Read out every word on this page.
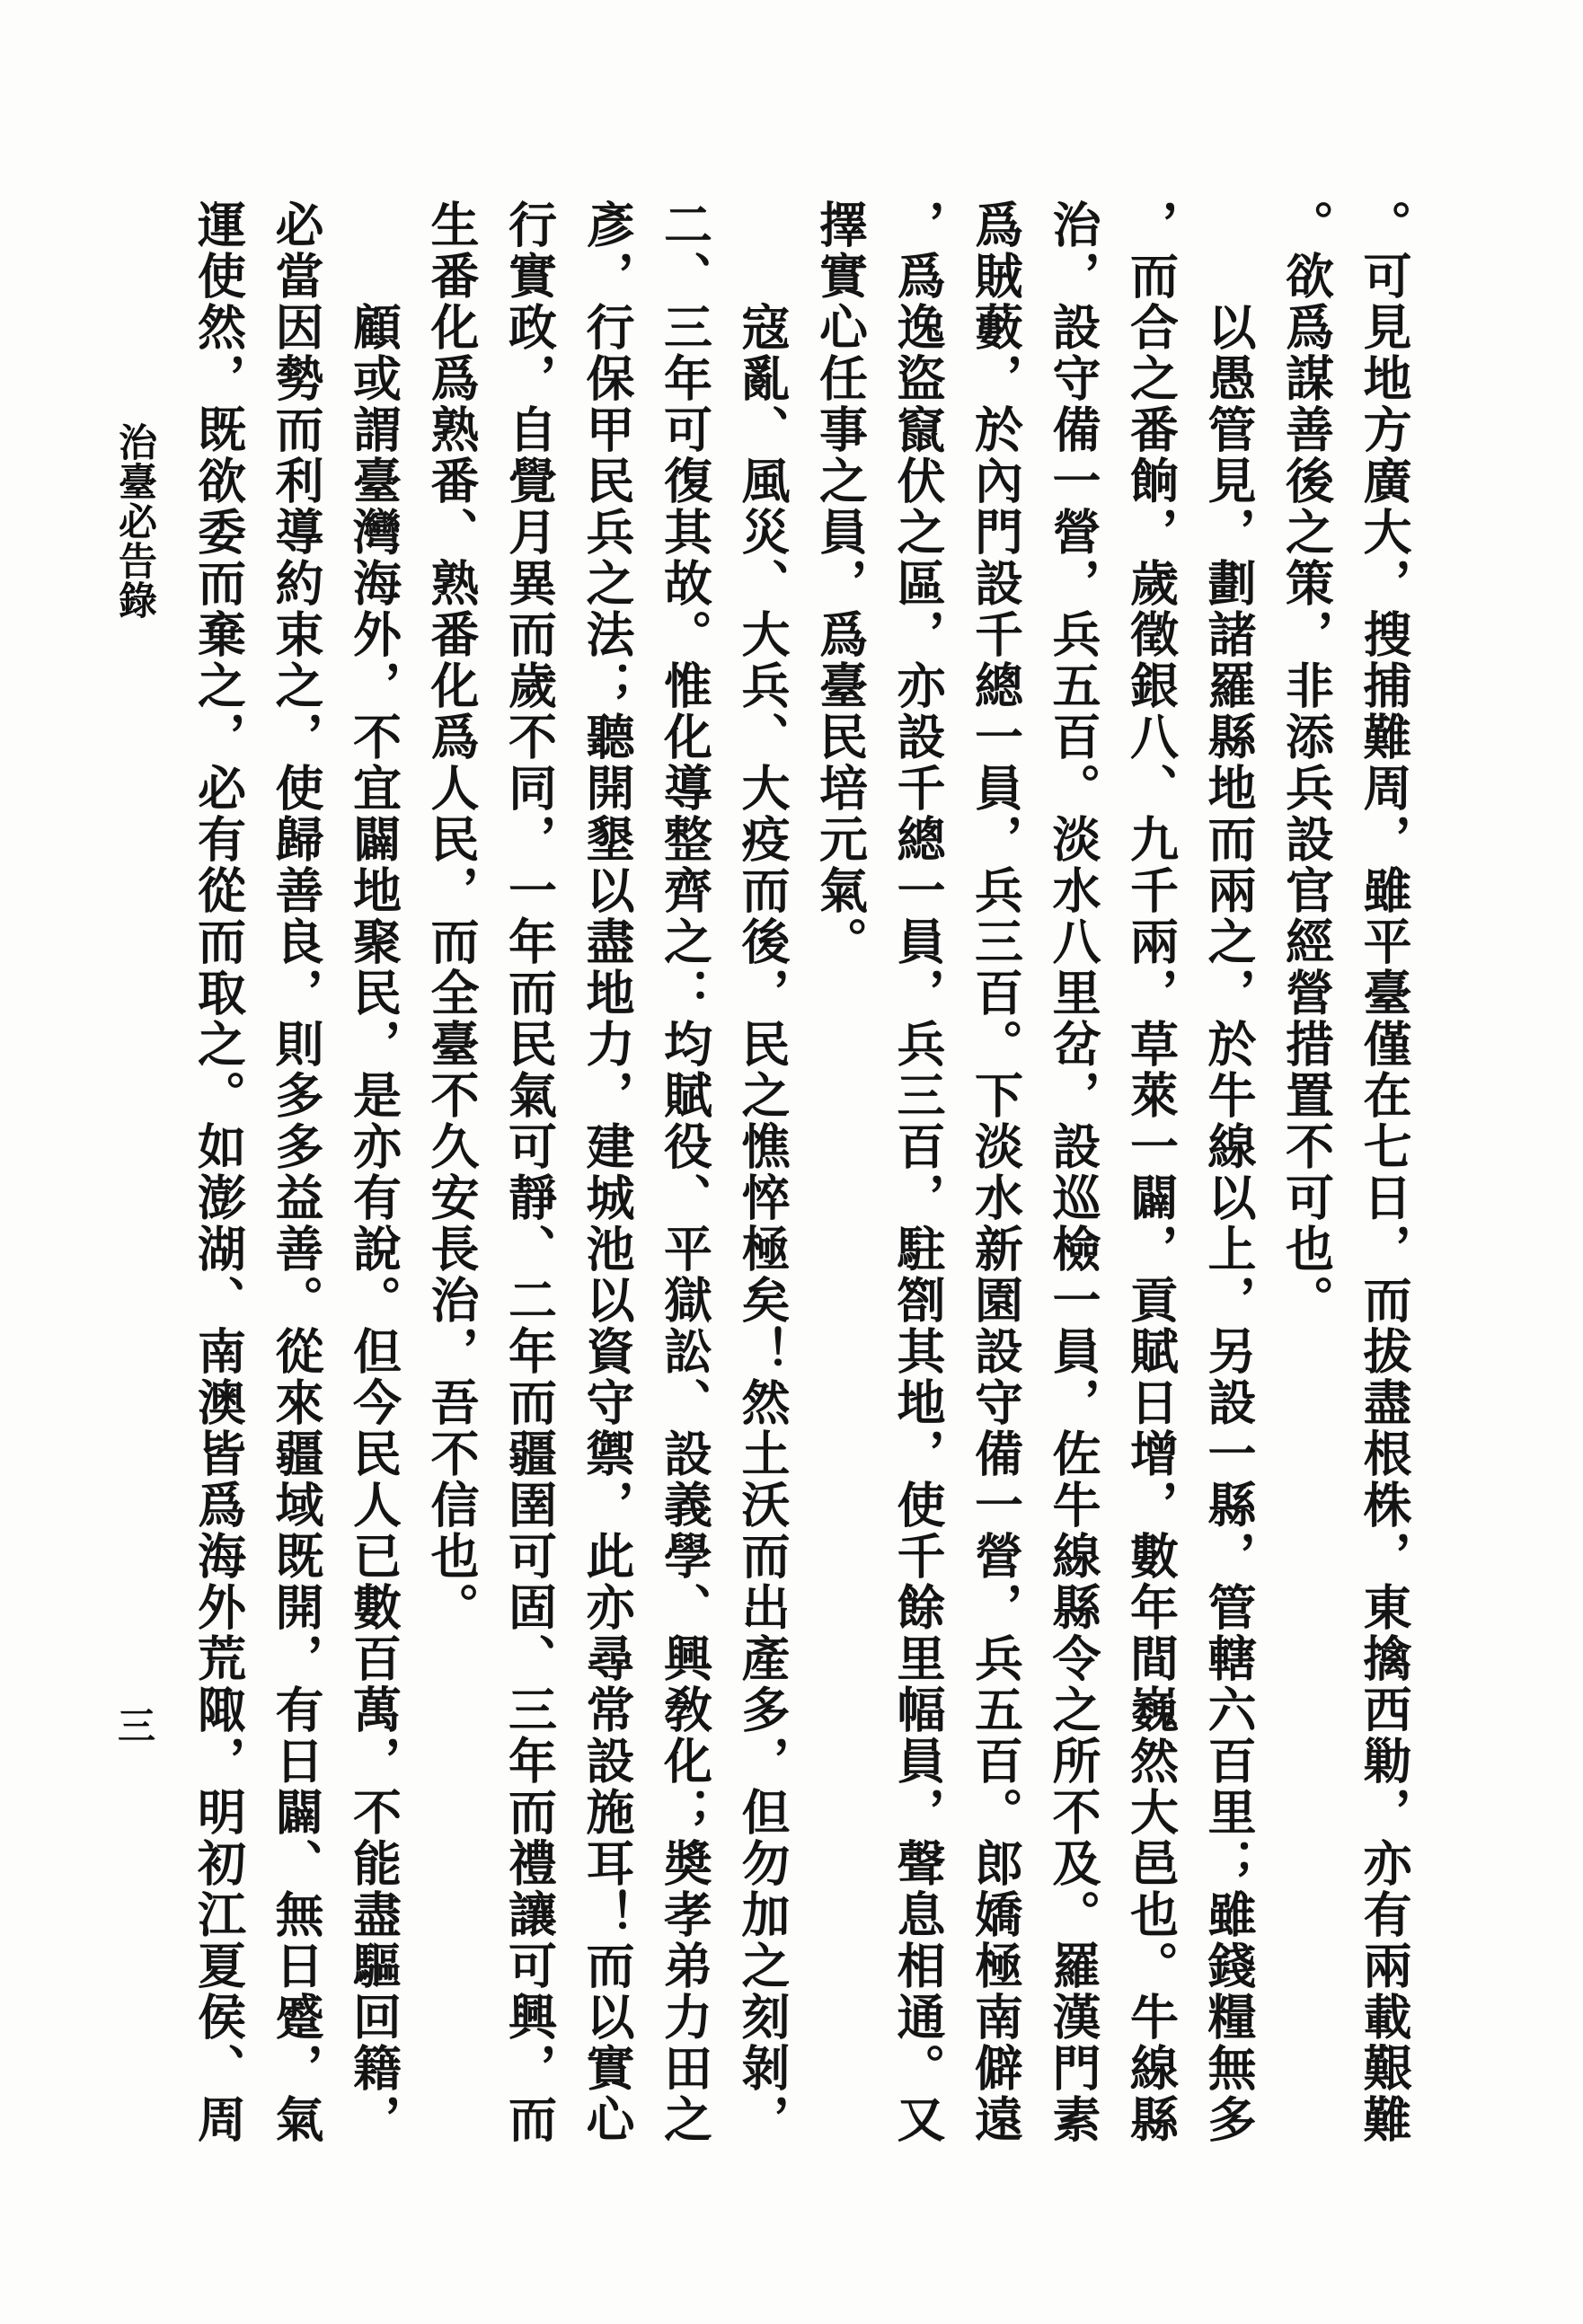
。可見地方廣大，搜捕難周，雖平臺僅在七日，而拔盡根株，東擒西勦，亦有兩載艱難
。欲爲謀善後之策，非添兵設官經營措置不可也。
以愚管見，劃諸羅縣地而兩之，於牛線以上，另設一縣，管轄六百里；雖錢糧無多
，而合之番餉，歲徵銀八、九千兩，草萊一闢，貢賦日增，數年間巍然大邑也。牛線縣
治，設守備一營，兵五百。淡水八里岔，設巡檢一員，佐牛線縣令之所不及。羅漢門素
爲賊藪，於內門設千總一員，兵三百。下淡水新園設守備一營，兵五百。郎嬌極南僻遠
，爲逸盜竄伏之區，亦設千總一員，兵三百，駐劄其地，使千餘里幅員，聲息相通。又
擇實心任事之員，爲臺民培元氣。
寇亂、風災、大兵、大疫而後，民之憔悴極矣！然土沃而出產多，但勿加之刻剝，
二、三年可復其故。惟化導整齊之：均賦役、平獄訟、設義學、興敎化；奬孝弟力田之
彥，行保甲民兵之法；聽開墾以盡地力，建城池以資守禦，此亦尋常設施耳！而以實心
行實政，自覺月異而歲不同，一年而民氣可靜、二年而疆圉可固、三年而禮讓可興，而
生番化爲熟番、熟番化爲人民，而全臺不久安長治，吾不信也。
顧或謂臺灣海外，不宜闢地聚民，是亦有說。但今民人已數百萬，不能盡驅回籍，
必當因勢而利導約束之，使歸善良，則多多益善。從來疆域既開，有日闢、無日蹙，氣
運使然，既欲委而棄之，必有從而取之。如澎湖、南澳皆爲海外荒陬，明初江夏侯、周
治臺必告錄
三
